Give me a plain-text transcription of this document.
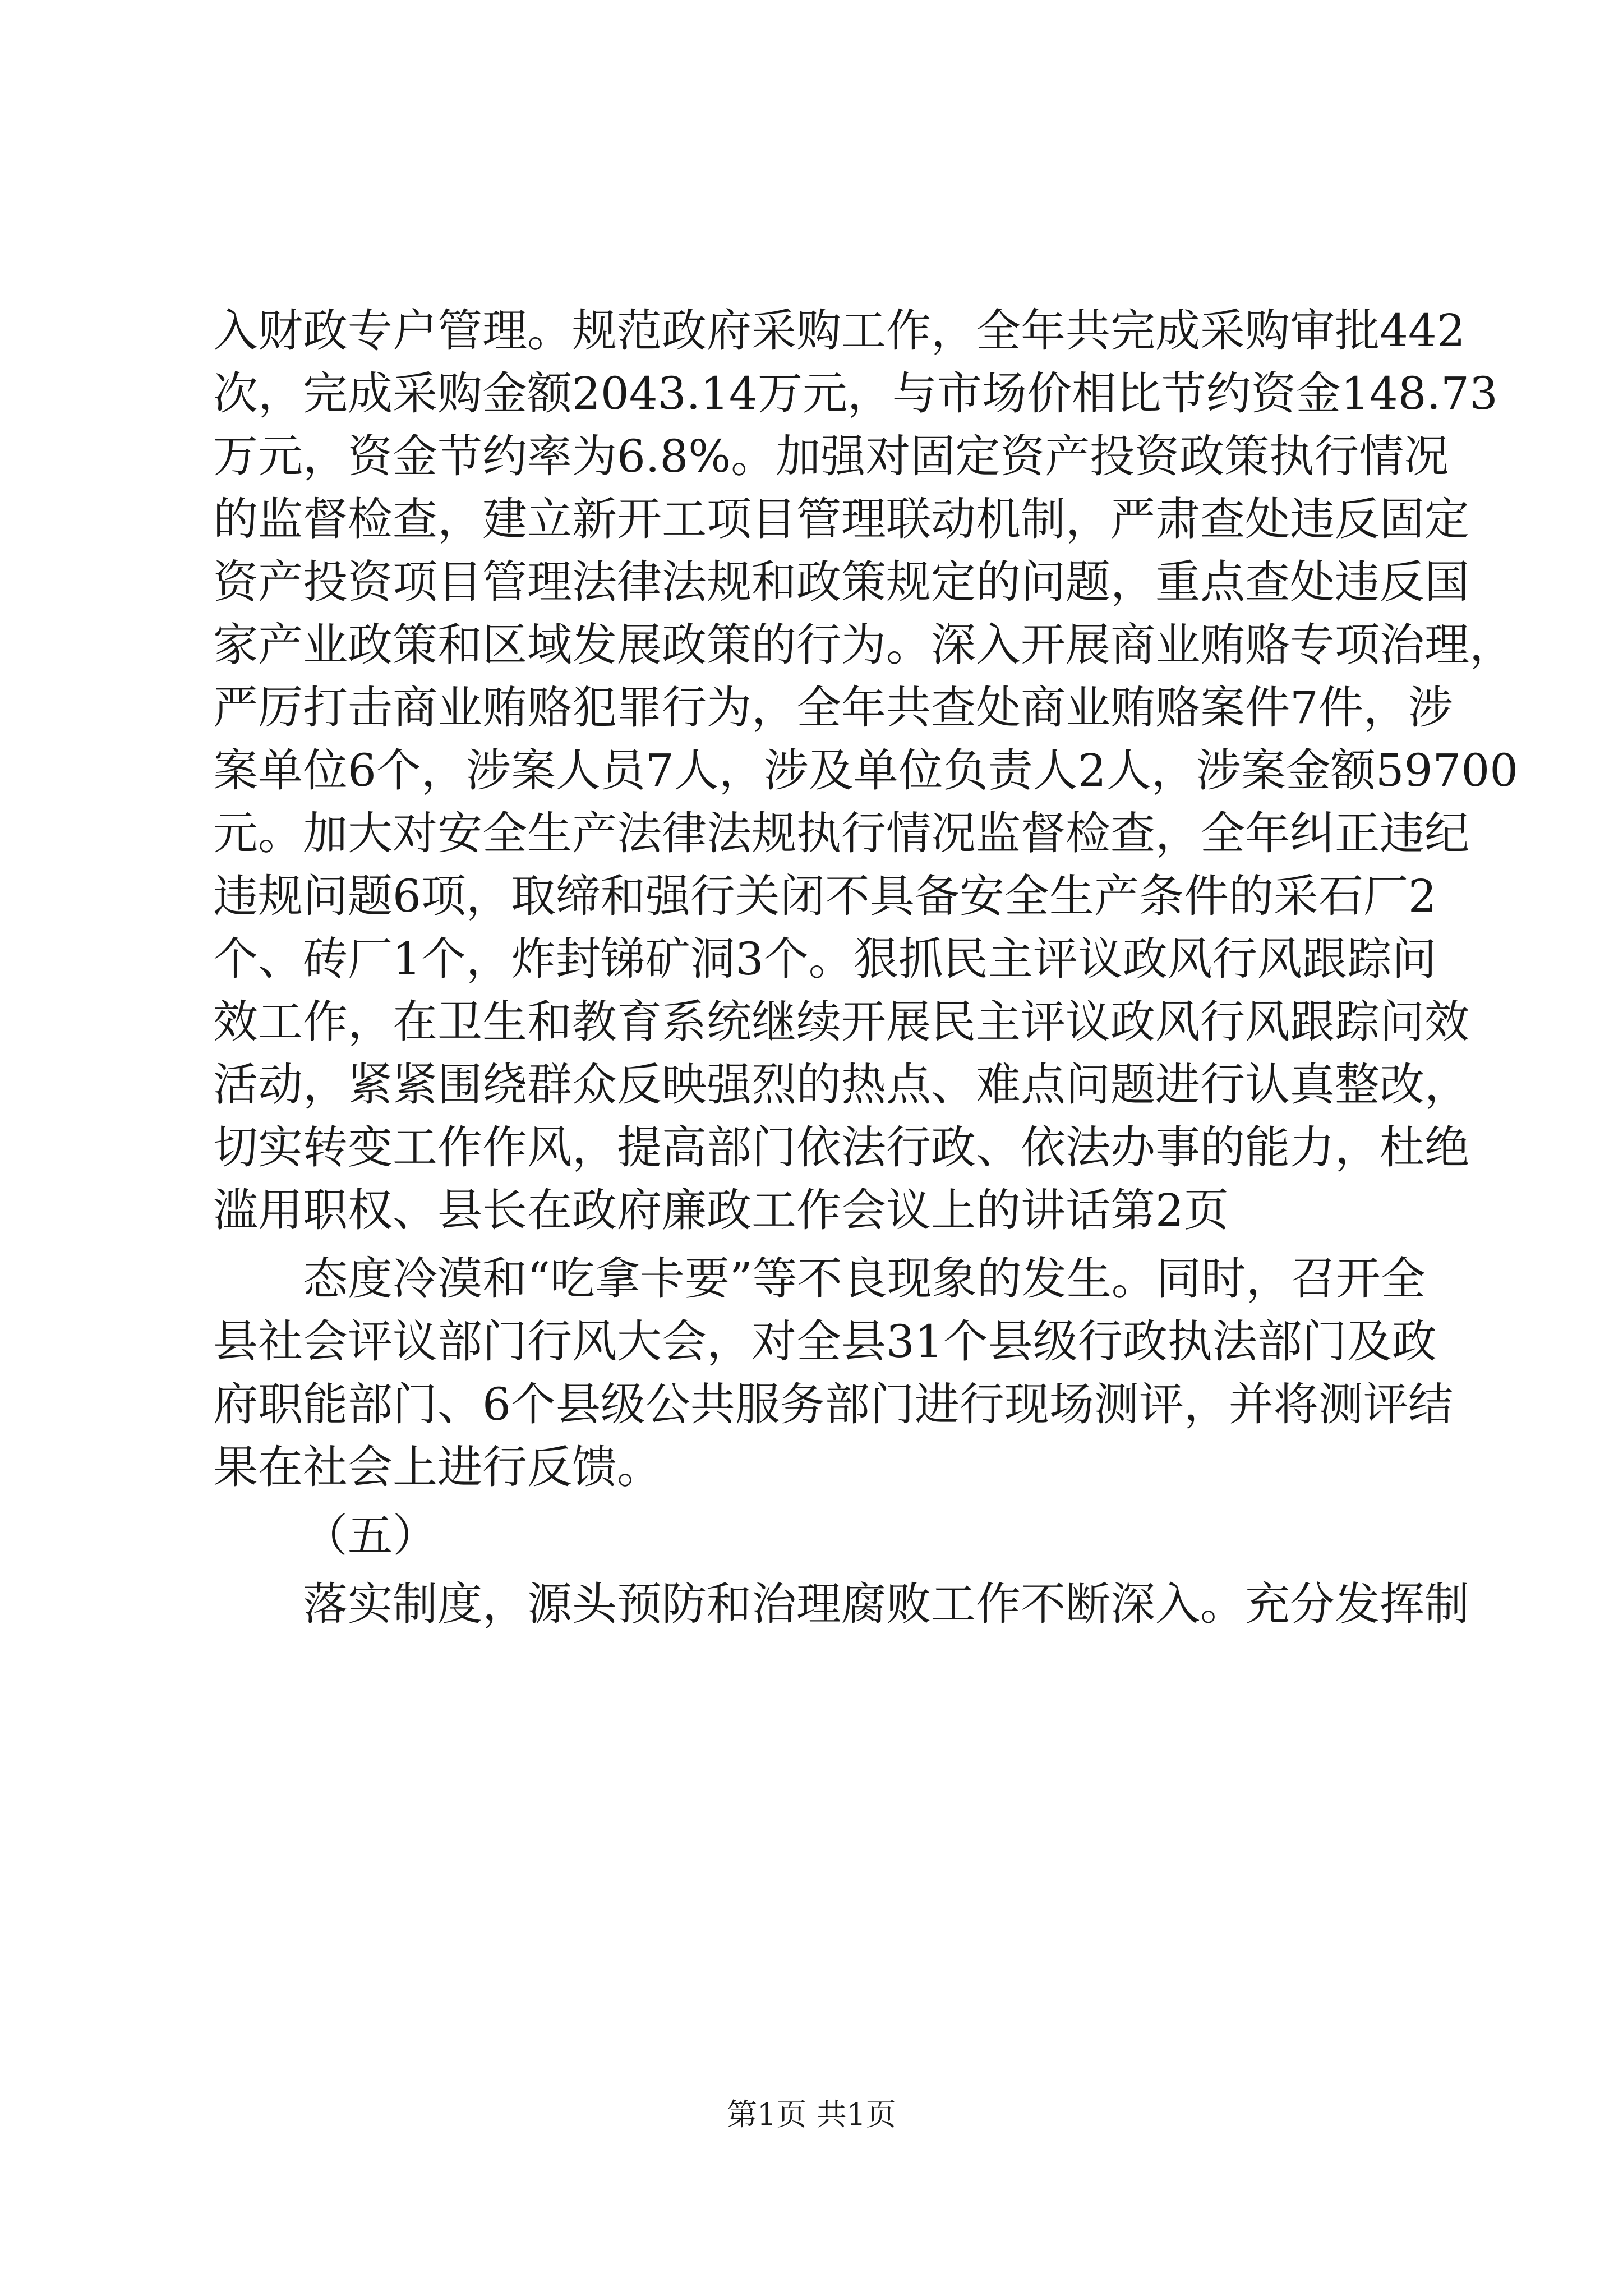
入财政专户管理。规范政府采购工作，全年共完成采购审批442
次，完成采购金额2043.14万元，与市场价相比节约资金148.73
万元，资金节约率为6.8%。加强对固定资产投资政策执行情况
的监督检查，建立新开工项目管理联动机制，严肃查处违反固定
资产投资项目管理法律法规和政策规定的问题，重点查处违反国
家产业政策和区域发展政策的行为。深入开展商业贿赂专项治理，
严厉打击商业贿赂犯罪行为，全年共查处商业贿赂案件7件，涉
案单位6个，涉案人员7人，涉及单位负责人2人，涉案金额59700
元。加大对安全生产法律法规执行情况监督检查，全年纠正违纪
违规问题6项，取缔和强行关闭不具备安全生产条件的采石厂2
个、砖厂1个，炸封锑矿洞3个。狠抓民主评议政风行风跟踪问
效工作，在卫生和教育系统继续开展民主评议政风行风跟踪问效
活动，紧紧围绕群众反映强烈的热点、难点问题进行认真整改，
切实转变工作作风，提高部门依法行政、依法办事的能力，杜绝
滥用职权、县长在政府廉政工作会议上的讲话第2页
态度冷漠和“吃拿卡要”等不良现象的发生。同时，召开全
县社会评议部门行风大会，对全县31个县级行政执法部门及政
府职能部门、6个县级公共服务部门进行现场测评，并将测评结
果在社会上进行反馈。
（五）
落实制度，源头预防和治理腐败工作不断深入。充分发挥制
第1页 共1页
